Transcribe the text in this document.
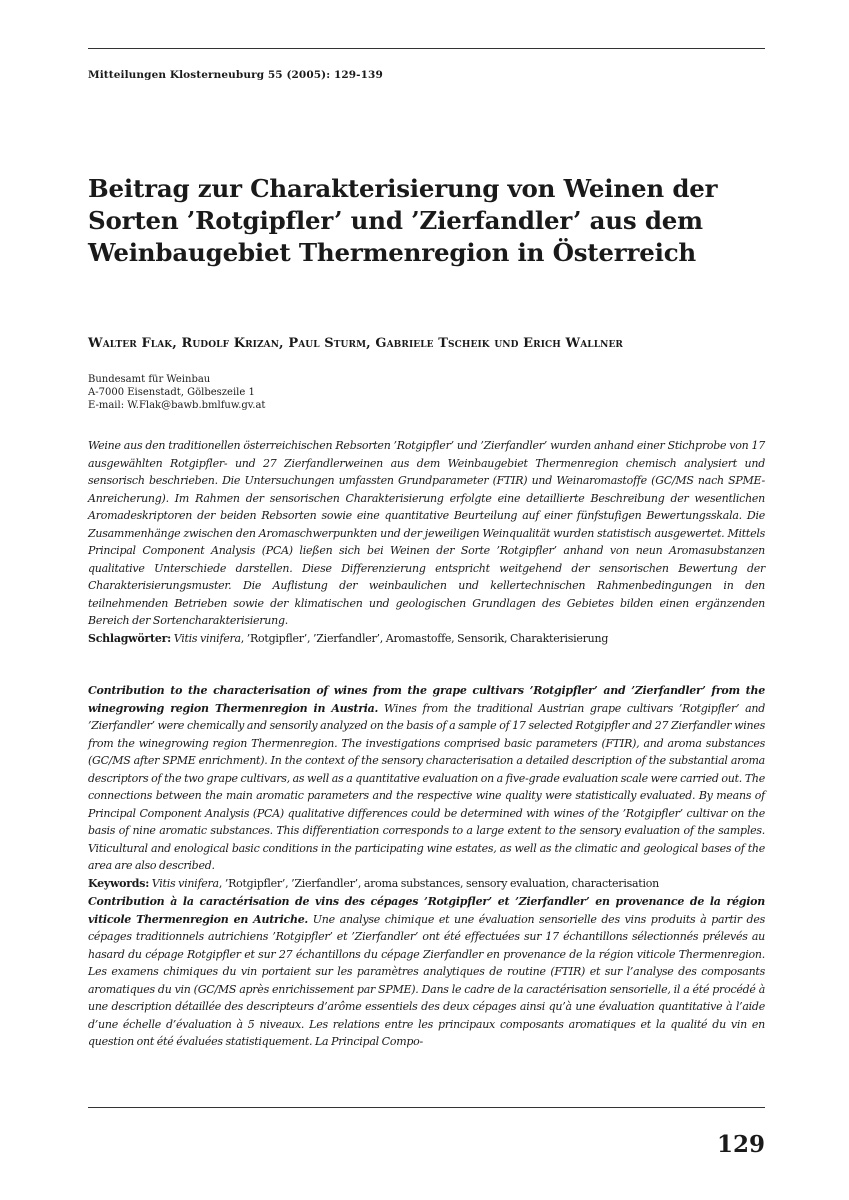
Mitteilungen Klosterneuburg 55 (2005): 129-139
Beitrag zur Charakterisierung von Weinen der Sorten ’Rotgipfler’ und ’Zierfandler’ aus dem Weinbaugebiet Thermenregion in Österreich
Walter Flak, Rudolf Krizan, Paul Sturm, Gabriele Tscheik und Erich Wallner
Bundesamt für Weinbau
A-7000 Eisenstadt, Gölbeszeile 1
E-mail: W.Flak@bawb.bmlfuw.gv.at

Weine aus den traditionellen österreichischen Rebsorten ’Rotgipfler’ und ’Zierfandler’ wurden anhand einer Stichprobe von 17 ausgewählten Rotgipfler- und 27 Zierfandlerweinen aus dem Weinbaugebiet Thermenregion chemisch analysiert und sensorisch beschrieben. Die Untersuchungen umfassten Grundparameter (FTIR) und Weinaromastoffe (GC/MS nach SPME-Anreicherung). Im Rahmen der sensorischen Charakterisierung erfolgte eine detaillierte Beschreibung der wesentlichen Aromadeskriptoren der beiden Rebsorten sowie eine quantitative Beurteilung auf einer fünfstufigen Bewertungsskala. Die Zusammenhänge zwischen den Aromaschwerpunkten und der jeweiligen Weinqualität wurden statistisch ausgewertet. Mittels Principal Component Analysis (PCA) ließen sich bei Weinen der Sorte ’Rotgipfler’ anhand von neun Aromasubstanzen qualitative Unterschiede darstellen. Diese Differenzierung entspricht weitgehend der sensorischen Bewertung der Charakterisierungsmuster. Die Auflistung der weinbaulichen und kellertechnischen Rahmenbedingungen in den teilnehmenden Betrieben sowie der klimatischen und geologischen Grundlagen des Gebietes bilden einen ergänzenden Bereich der Sortencharakterisierung.
Schlagwörter: Vitis vinifera, ’Rotgipfler’, ’Zierfandler’, Aromastoffe, Sensorik, Charakterisierung

Contribution to the characterisation of wines from the grape cultivars ’Rotgipfler’ and ’Zierfandler’ from the winegrowing region Thermenregion in Austria. Wines from the traditional Austrian grape cultivars ’Rotgipfler’ and ’Zierfandler’ were chemically and sensorily analyzed on the basis of a sample of 17 selected Rotgipfler and 27 Zierfandler wines from the winegrowing region Thermenregion. The investigations comprised basic parameters (FTIR), and aroma substances (GC/MS after SPME enrichment). In the context of the sensory characterisation a detailed description of the substantial aroma descriptors of the two grape cultivars, as well as a quantitative evaluation on a five-grade evaluation scale were carried out. The connections between the main aromatic parameters and the respective wine quality were statistically evaluated. By means of Principal Component Analysis (PCA) qualitative differences could be determined with wines of the ’Rotgipfler’ cultivar on the basis of nine aromatic substances. This differentiation corresponds to a large extent to the sensory evaluation of the samples. Viticultural and enological basic conditions in the participating wine estates, as well as the climatic and geological bases of the area are also described.
Keywords: Vitis vinifera, ’Rotgipfler’, ’Zierfandler’, aroma substances, sensory evaluation, characterisation

Contribution à la caractérisation de vins des cépages ’Rotgipfler’ et ’Zierfandler’ en provenance de la région viticole Thermenregion en Autriche. Une analyse chimique et une évaluation sensorielle des vins produits à partir des cépages traditionnels autrichiens ’Rotgipfler’ et ’Zierfandler’ ont été effectuées sur 17 échantillons sélectionnés prélevés au hasard du cépage Rotgipfler et sur 27 échantillons du cépage Zierfandler en provenance de la région viticole Thermenregion. Les examens chimiques du vin portaient sur les paramètres analytiques de routine (FTIR) et sur l’analyse des composants aromatiques du vin (GC/MS après enrichissement par SPME). Dans le cadre de la caractérisation sensorielle, il a été procédé à une description détaillée des descripteurs d’arôme essentiels des deux cépages ainsi qu’à une évaluation quantitative à l’aide d’une échelle d’évaluation à 5 niveaux. Les relations entre les principaux composants aromatiques et la qualité du vin en question ont été évaluées statistiquement. La Principal Compo-

129
